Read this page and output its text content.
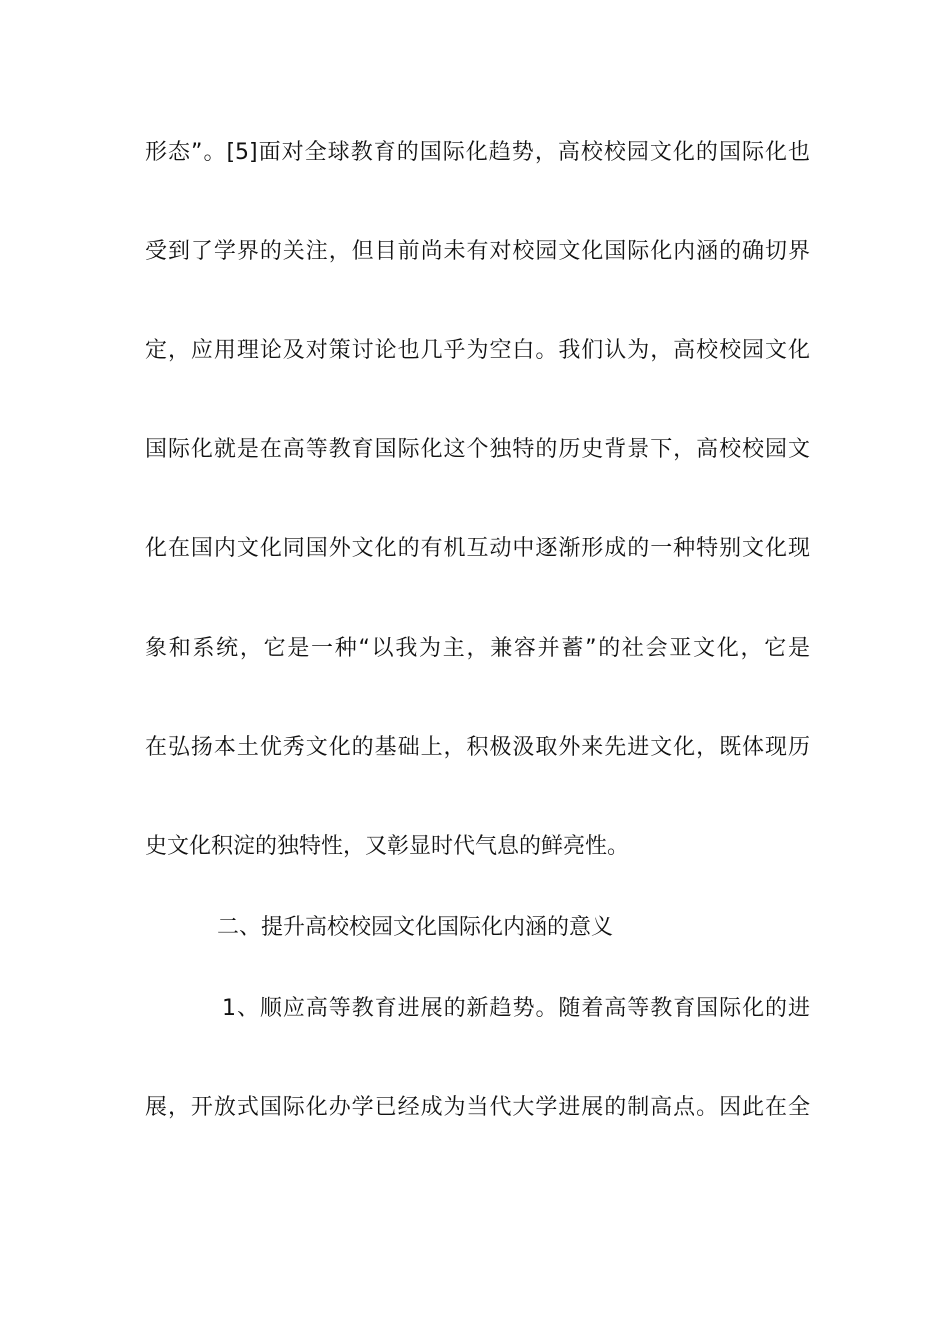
形态”。[5]面对全球教育的国际化趋势，高校校园文化的国际化也
受到了学界的关注，但目前尚未有对校园文化国际化内涵的确切界
定，应用理论及对策讨论也几乎为空白。我们认为，高校校园文化
国际化就是在高等教育国际化这个独特的历史背景下，高校校园文
化在国内文化同国外文化的有机互动中逐渐形成的一种特别文化现
象和系统，它是一种“以我为主，兼容并蓄”的社会亚文化，它是
在弘扬本土优秀文化的基础上，积极汲取外来先进文化，既体现历
史文化积淀的独特性，又彰显时代气息的鲜亮性。
二、提升高校校园文化国际化内涵的意义
1、顺应高等教育进展的新趋势。随着高等教育国际化的进
展，开放式国际化办学已经成为当代大学进展的制高点。因此在全
